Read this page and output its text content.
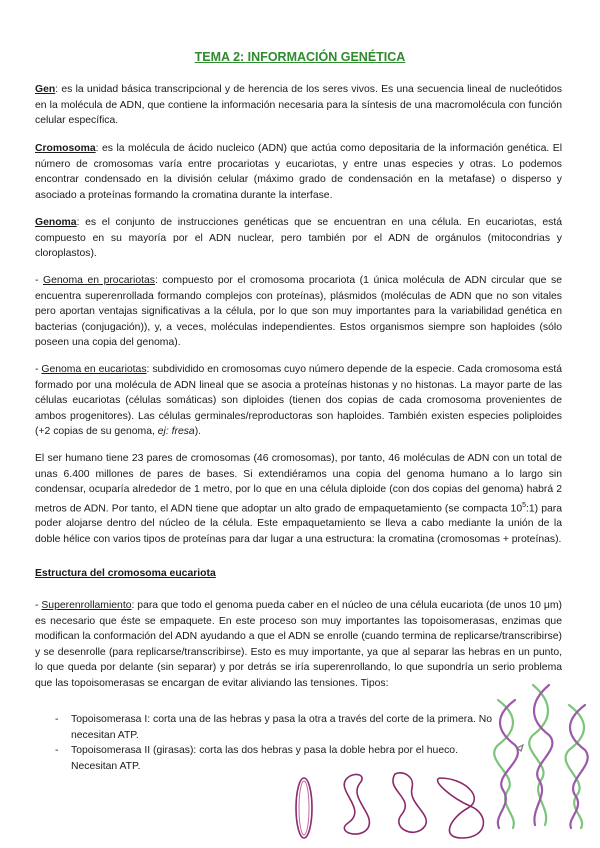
TEMA 2: INFORMACIÓN GENÉTICA

Gen: es la unidad básica transcripcional y de herencia de los seres vivos. Es una secuencia lineal de nucleótidos en la molécula de ADN, que contiene la información necesaria para la síntesis de una macromolécula con función celular específica.

Cromosoma: es la molécula de ácido nucleico (ADN) que actúa como depositaria de la información genética. El número de cromosomas varía entre procariotas y eucariotas, y entre unas especies y otras. Lo podemos encontrar condensado en la división celular (máximo grado de condensación en la metafase) o disperso y asociado a proteínas formando la cromatina durante la interfase.

Genoma: es el conjunto de instrucciones genéticas que se encuentran en una célula. En eucariotas, está compuesto en su mayoría por el ADN nuclear, pero también por el ADN de orgánulos (mitocondrias y cloroplastos).

- Genoma en procariotas: compuesto por el cromosoma procariota (1 única molécula de ADN circular que se encuentra superenrollada formando complejos con proteínas), plásmidos (moléculas de ADN que no son vitales pero aportan ventajas significativas a la célula, por lo que son muy importantes para la variabilidad genética en bacterias (conjugación)), y, a veces, moléculas independientes. Estos organismos siempre son haploides (sólo poseen una copia del genoma).

- Genoma en eucariotas: subdividido en cromosomas cuyo número depende de la especie. Cada cromosoma está formado por una molécula de ADN lineal que se asocia a proteínas histonas y no histonas. La mayor parte de las células eucariotas (células somáticas) son diploides (tienen dos copias de cada cromosoma provenientes de ambos progenitores). Las células germinales/reproductoras son haploides. También existen especies poliploides (+2 copias de su genoma, ej: fresa).

El ser humano tiene 23 pares de cromosomas (46 cromosomas), por tanto, 46 moléculas de ADN con un total de unas 6.400 millones de pares de bases. Si extendiéramos una copia del genoma humano a lo largo sin condensar, ocuparía alrededor de 1 metro, por lo que en una célula diploide (con dos copias del genoma) habrá 2 metros de ADN. Por tanto, el ADN tiene que adoptar un alto grado de empaquetamiento (se compacta $10^5:1$) para poder alojarse dentro del núcleo de la célula. Este empaquetamiento se lleva a cabo mediante la unión de la doble hélice con varios tipos de proteínas para dar lugar a una estructura: la cromatina (cromosomas + proteínas).

Estructura del cromosoma eucariota

- Superenrollamiento: para que todo el genoma pueda caber en el núcleo de una célula eucariota (de unos 10 μm) es necesario que éste se empaquete. En este proceso son muy importantes las topoisomerasas, enzimas que modifican la conformación del ADN ayudando a que el ADN se enrolle (cuando termina de replicarse/transcribirse) y se desenrolle (para replicarse/transcribirse). Esto es muy importante, ya que al separar las hebras en un punto, lo que queda por delante (sin separar) y por detrás se iría superenrollando, lo que supondría un serio problema que las topoisomerasas se encargan de evitar aliviando las tensiones. Tipos:

- Topoisomerasa I: corta una de las hebras y pasa la otra a través del corte de la primera. No necesitan ATP.
- Topoisomerasa II (girasas): corta las dos hebras y pasa la doble hebra por el hueco. Necesitan ATP.
